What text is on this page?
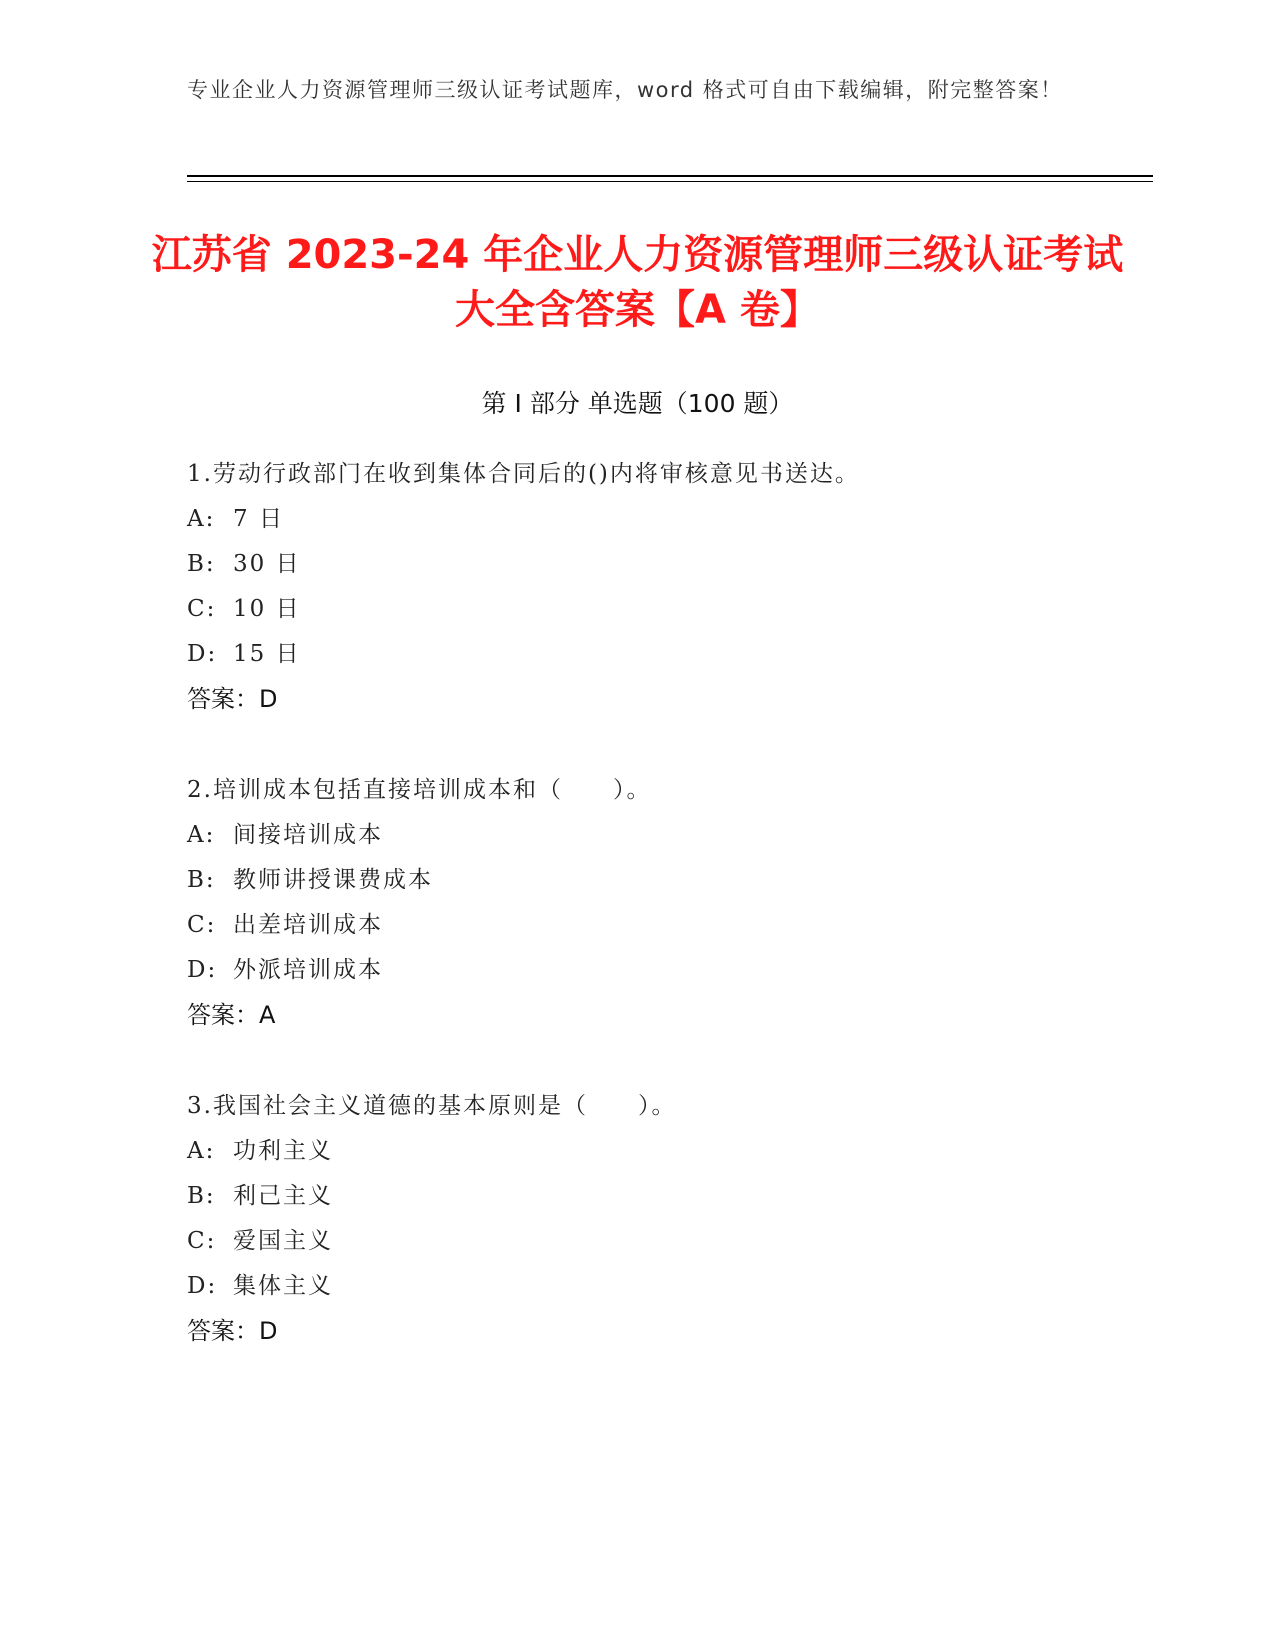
专业企业人力资源管理师三级认证考试题库，word 格式可自由下载编辑，附完整答案！
江苏省 2023-24 年企业人力资源管理师三级认证考试大全含答案【A 卷】
第 I 部分 单选题（100 题）
1.劳动行政部门在收到集体合同后的()内将审核意见书送达。
A: 7 日
B: 30 日
C: 10 日
D: 15 日
答案：D
2.培训成本包括直接培训成本和（　　）。
A: 间接培训成本
B: 教师讲授课费成本
C: 出差培训成本
D: 外派培训成本
答案：A
3.我国社会主义道德的基本原则是（　　）。
A: 功利主义
B: 利己主义
C: 爱国主义
D: 集体主义
答案：D
